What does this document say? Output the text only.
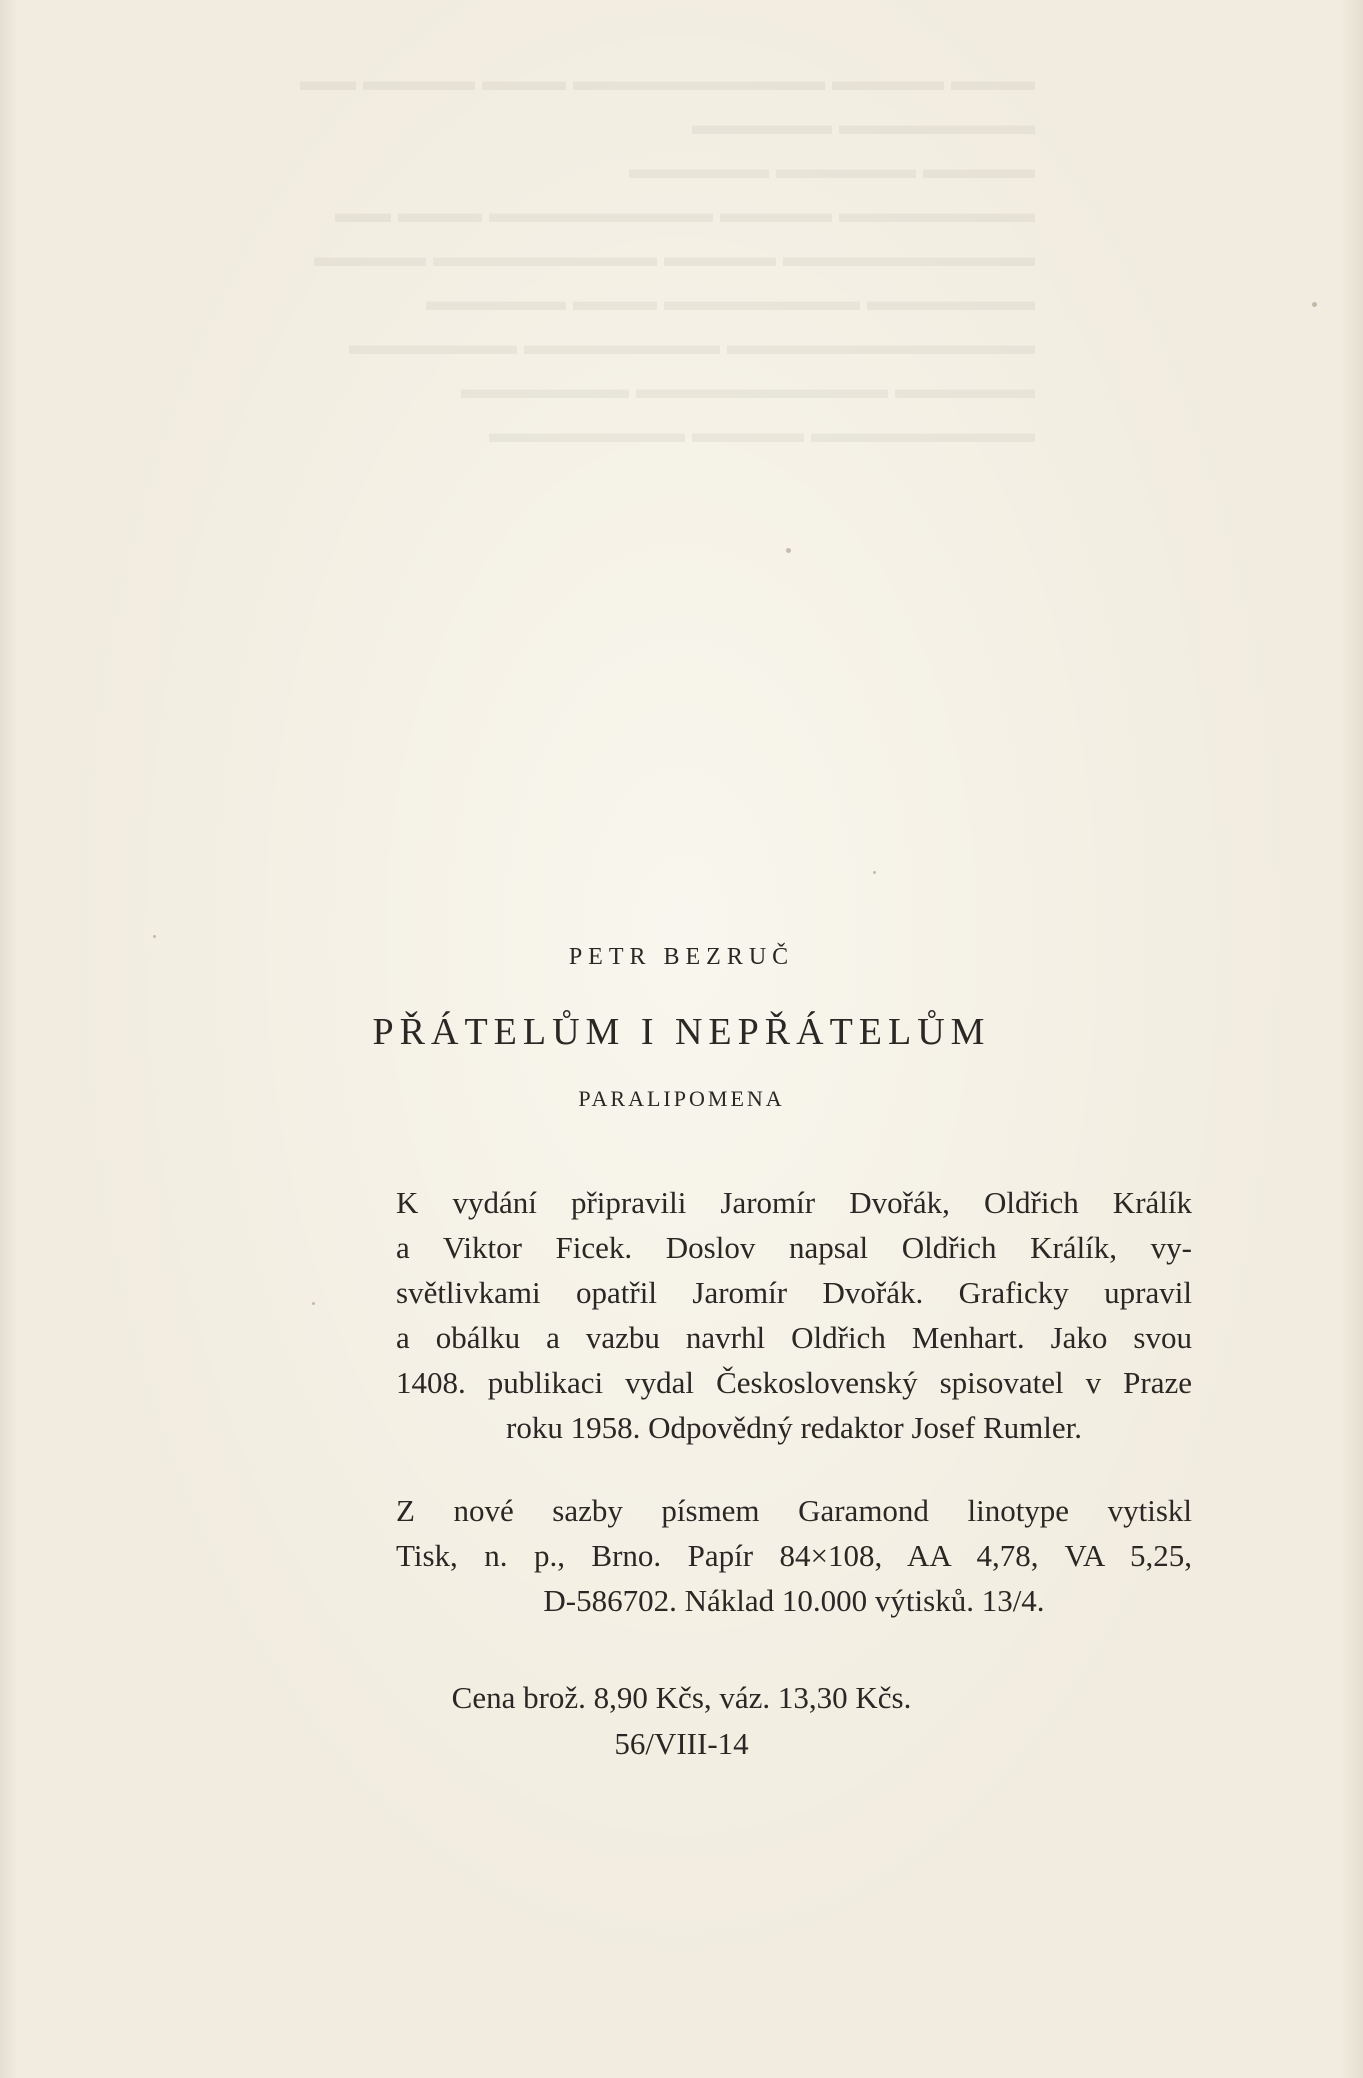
▬▬▬ ▬▬▬▬ ▬▬▬▬▬▬▬▬▬ ▬▬▬ ▬▬▬▬ ▬▬
▬▬▬▬▬▬▬ ▬▬▬▬▬
▬▬▬▬ ▬▬▬▬▬ ▬▬▬▬▬
▬▬▬▬▬▬▬ ▬▬▬▬ ▬▬▬▬▬▬▬▬ ▬▬▬ ▬▬
▬▬▬▬▬▬▬▬▬ ▬▬▬▬ ▬▬▬▬▬▬▬▬ ▬▬▬▬
▬▬▬▬▬▬ ▬▬▬▬▬▬▬ ▬▬▬ ▬▬▬▬▬
▬▬▬▬▬▬▬▬▬▬▬ ▬▬▬▬▬▬▬ ▬▬▬▬▬▬
▬▬▬▬▬ ▬▬▬▬▬▬▬▬▬ ▬▬▬▬▬▬
▬▬▬▬▬▬▬▬ ▬▬▬▬ ▬▬▬▬▬▬▬
PETR BEZRUČ
PŘÁTELŮM I NEPŘÁTELŮM
PARALIPOMENA
K vydání připravili Jaromír Dvořák, Oldřich Králík
a Viktor Ficek. Doslov napsal Oldřich Králík, vy-
světlivkami opatřil Jaromír Dvořák. Graficky upravil
a obálku a vazbu navrhl Oldřich Menhart. Jako svou
1408. publikaci vydal Československý spisovatel v Praze
roku 1958. Odpovědný redaktor Josef Rumler.
Z nové sazby písmem Garamond linotype vytiskl
Tisk, n. p., Brno. Papír 84×108, AA 4,78, VA 5,25,
D-586702. Náklad 10.000 výtisků. 13/4.
Cena brož. 8,90 Kčs, váz. 13,30 Kčs.
56/VIII-14
